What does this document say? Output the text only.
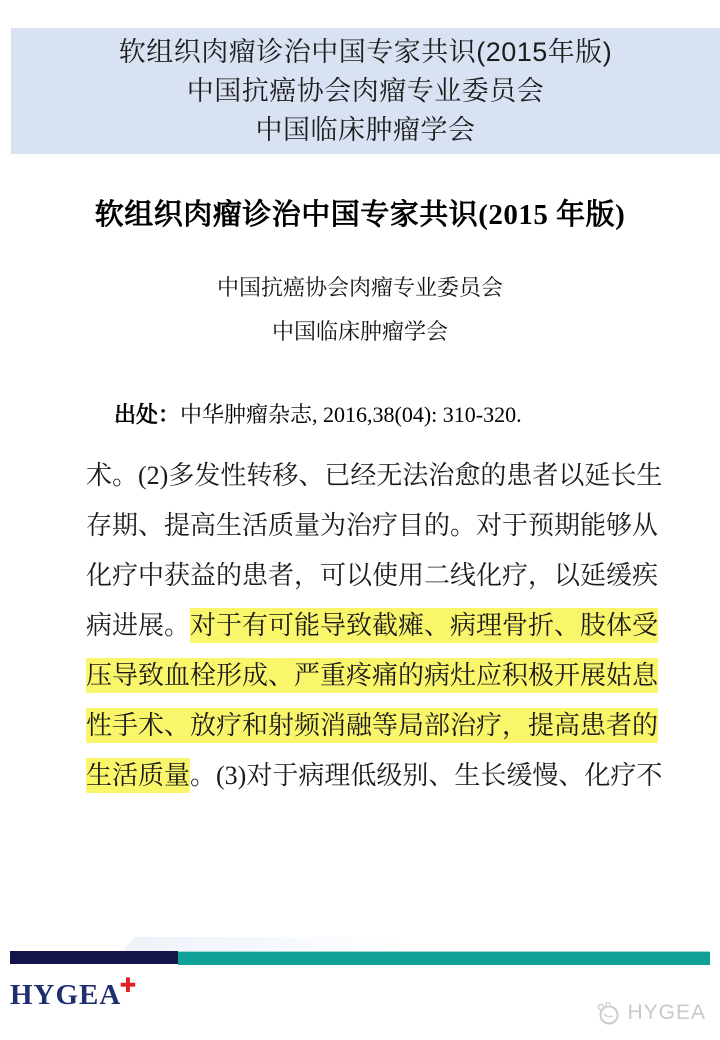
软组织肉瘤诊治中国专家共识(2015年版)
中国抗癌协会肉瘤专业委员会
中国临床肿瘤学会
软组织肉瘤诊治中国专家共识(2015 年版)
中国抗癌协会肉瘤专业委员会
中国临床肿瘤学会
出处：中华肿瘤杂志, 2016,38(04): 310-320.
术。(2)多发性转移、已经无法治愈的患者以延长生
存期、提高生活质量为治疗目的。对于预期能够从
化疗中获益的患者，可以使用二线化疗，以延缓疾
病进展。对于有可能导致截瘫、病理骨折、肢体受
压导致血栓形成、严重疼痛的病灶应积极开展姑息
性手术、放疗和射频消融等局部治疗，提高患者的
生活质量。(3)对于病理低级别、生长缓慢、化疗不
HYGEA
✚
HYGEA
